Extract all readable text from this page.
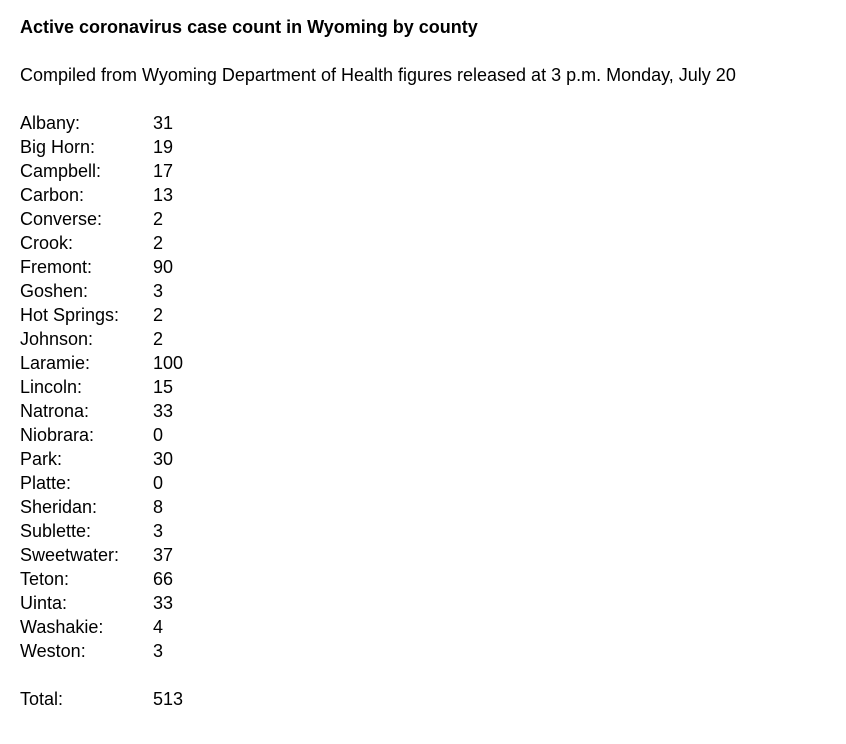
Active coronavirus case count in Wyoming by county
Compiled from Wyoming Department of Health figures released at 3 p.m. Monday, July 20
Albany:	31
Big Horn:	19
Campbell:	17
Carbon:	13
Converse:	2
Crook:	2
Fremont:	90
Goshen:	3
Hot Springs:	2
Johnson:	2
Laramie:	100
Lincoln:	15
Natrona:	33
Niobrara:	0
Park:	30
Platte:	0
Sheridan:	8
Sublette:	3
Sweetwater:	37
Teton:	66
Uinta:	33
Washakie:	4
Weston:	3
Total:	513
